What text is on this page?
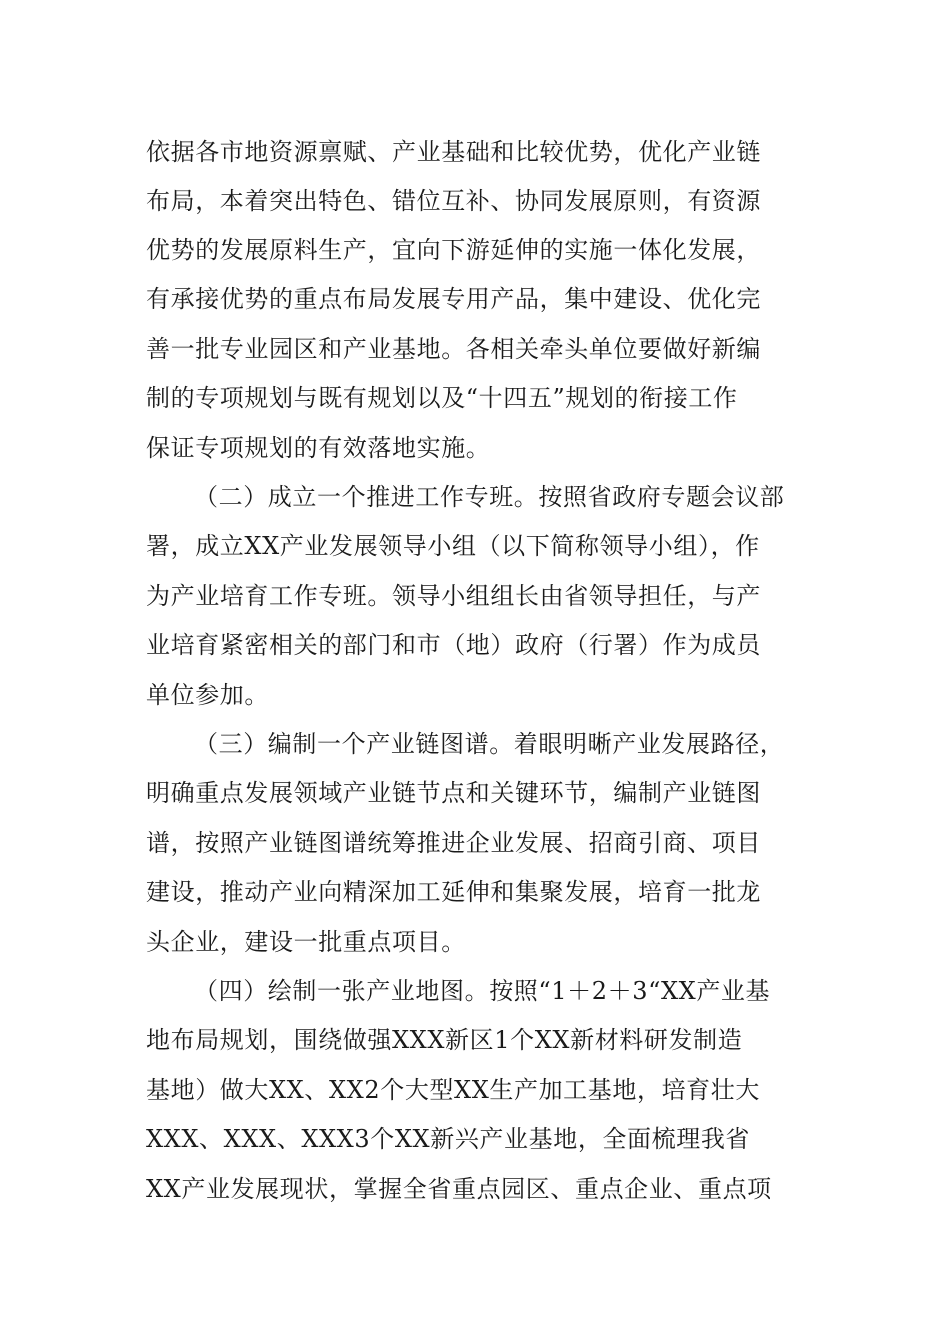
依据各市地资源禀赋、产业基础和比较优势，优化产业链
布局，本着突出特色、错位互补、协同发展原则，有资源
优势的发展原料生产，宜向下游延伸的实施一体化发展，
有承接优势的重点布局发展专用产品，集中建设、优化完
善一批专业园区和产业基地。各相关牵头单位要做好新编
制的专项规划与既有规划以及“十四五”规划的衔接工作
保证专项规划的有效落地实施。
（二）成立一个推进工作专班。按照省政府专题会议部
署，成立XX产业发展领导小组（以下简称领导小组），作
为产业培育工作专班。领导小组组长由省领导担任，与产
业培育紧密相关的部门和市（地）政府（行署）作为成员
单位参加。
（三）编制一个产业链图谱。着眼明晰产业发展路径，
明确重点发展领域产业链节点和关键环节，编制产业链图
谱，按照产业链图谱统筹推进企业发展、招商引商、项目
建设，推动产业向精深加工延伸和集聚发展，培育一批龙
头企业，建设一批重点项目。
（四）绘制一张产业地图。按照“1＋2＋3“XX产业基
地布局规划，围绕做强XXX新区1个XX新材料研发制造
基地）做大XX、XX2个大型XX生产加工基地，培育壮大
XXX、XXX、XXX3个XX新兴产业基地，全面梳理我省
XX产业发展现状，掌握全省重点园区、重点企业、重点项
